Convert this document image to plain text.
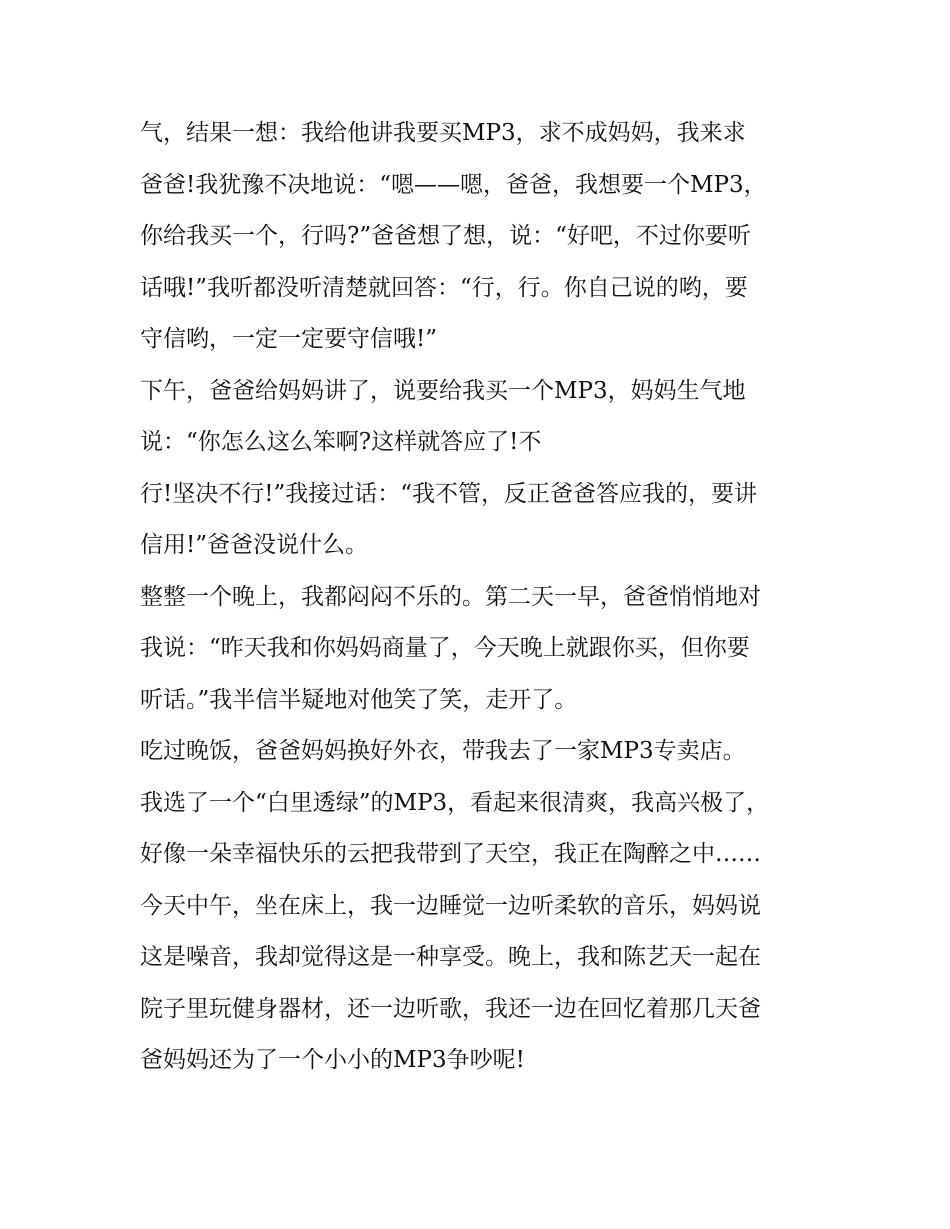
气，结果一想：我给他讲我要买MP3，求不成妈妈，我来求
爸爸!我犹豫不决地说：“嗯——嗯，爸爸，我想要一个MP3，
你给我买一个，行吗?”爸爸想了想，说：“好吧，不过你要听
话哦!”我听都没听清楚就回答：“行，行。你自己说的哟，要
守信哟，一定一定要守信哦!”
下午，爸爸给妈妈讲了，说要给我买一个MP3，妈妈生气地
说：“你怎么这么笨啊?这样就答应了!不
行!坚决不行!”我接过话：“我不管，反正爸爸答应我的，要讲
信用!”爸爸没说什么。
整整一个晚上，我都闷闷不乐的。第二天一早，爸爸悄悄地对
我说：“昨天我和你妈妈商量了，今天晚上就跟你买，但你要
听话。”我半信半疑地对他笑了笑，走开了。
吃过晚饭，爸爸妈妈换好外衣，带我去了一家MP3专卖店。
我选了一个“白里透绿”的MP3，看起来很清爽，我高兴极了，
好像一朵幸福快乐的云把我带到了天空，我正在陶醉之中……
今天中午，坐在床上，我一边睡觉一边听柔软的音乐，妈妈说
这是噪音，我却觉得这是一种享受。晚上，我和陈艺天一起在
院子里玩健身器材，还一边听歌，我还一边在回忆着那几天爸
爸妈妈还为了一个小小的MP3争吵呢!
